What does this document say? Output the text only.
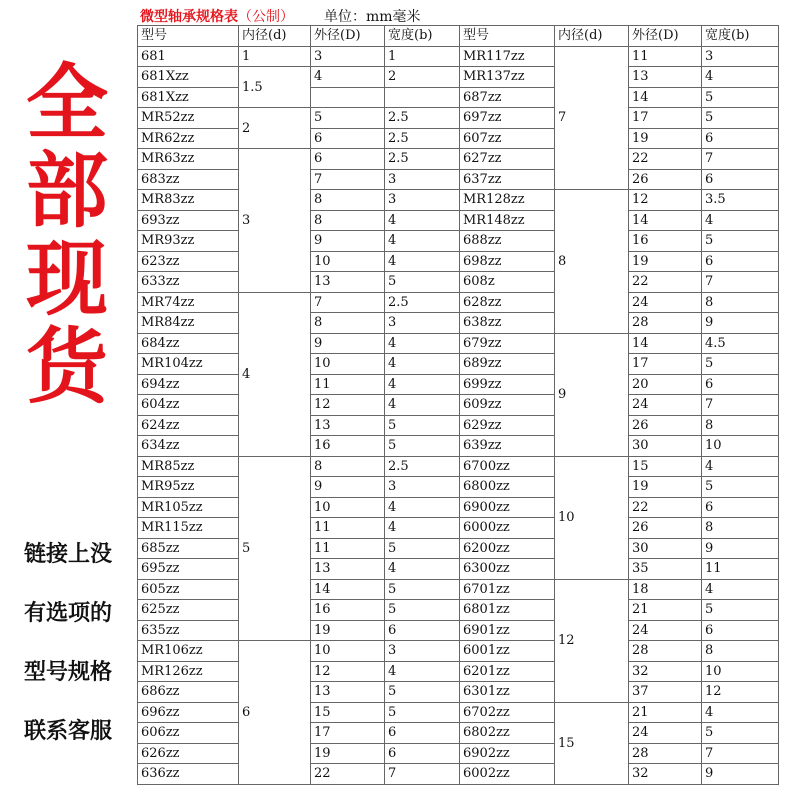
全
部
现
货
链接上没
有选项的
型号规格
联系客服
微型轴承规格表（公制） 单位：mm毫米
型号	内径(d)	外径(D)	宽度(b)	型号	内径(d)	外径(D)	宽度(b)
681	1	3	1	MR117zz	7	11	3
681Xzz	1.5	4	2	MR137zz		13	4
681Xzz				687zz		14	5
MR52zz	2	5	2.5	697zz		17	5
MR62zz		6	2.5	607zz		19	6
MR63zz	3	6	2.5	627zz		22	7
683zz		7	3	637zz		26	6
MR83zz		8	3	MR128zz	8	12	3.5
693zz		8	4	MR148zz		14	4
MR93zz		9	4	688zz		16	5
623zz		10	4	698zz		19	6
633zz		13	5	608z		22	7
MR74zz	4	7	2.5	628zz		24	8
MR84zz		8	3	638zz		28	9
684zz		9	4	679zz	9	14	4.5
MR104zz		10	4	689zz		17	5
694zz		11	4	699zz		20	6
604zz		12	4	609zz		24	7
624zz		13	5	629zz		26	8
634zz		16	5	639zz		30	10
MR85zz	5	8	2.5	6700zz	10	15	4
MR95zz		9	3	6800zz		19	5
MR105zz		10	4	6900zz		22	6
MR115zz		11	4	6000zz		26	8
685zz		11	5	6200zz		30	9
695zz		13	4	6300zz		35	11
605zz		14	5	6701zz	12	18	4
625zz		16	5	6801zz		21	5
635zz		19	6	6901zz		24	6
MR106zz	6	10	3	6001zz		28	8
MR126zz		12	4	6201zz		32	10
686zz		13	5	6301zz		37	12
696zz		15	5	6702zz	15	21	4
606zz		17	6	6802zz		24	5
626zz		19	6	6902zz		28	7
636zz		22	7	6002zz		32	9
